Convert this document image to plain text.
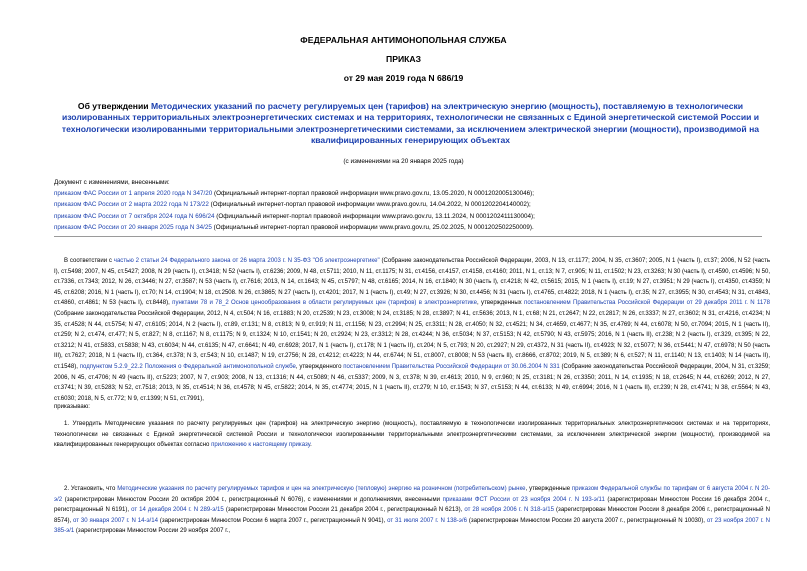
ФЕДЕРАЛЬНАЯ АНТИМОНОПОЛЬНАЯ СЛУЖБА
ПРИКАЗ
от 29 мая 2019 года N 686/19
Об утверждении Методических указаний по расчету регулируемых цен (тарифов) на электрическую энергию (мощность), поставляемую в технологически изолированных территориальных электроэнергетических системах и на территориях, технологически не связанных с Единой энергетической системой России и технологически изолированными территориальными электроэнергетическими системами, за исключением электрической энергии (мощности), производимой на квалифицированных генерирующих объектах
(с изменениями на 20 января 2025 года)
Документ с изменениями, внесенными:
приказом ФАС России от 1 апреля 2020 года N 347/20 (Официальный интернет-портал правовой информации www.pravo.gov.ru, 13.05.2020, N 0001202005130046);
приказом ФАС России от 2 марта 2022 года N 173/22 (Официальный интернет-портал правовой информации www.pravo.gov.ru, 14.04.2022, N 0001202204140002);
приказом ФАС России от 7 октября 2024 года N 696/24 (Официальный интернет-портал правовой информации www.pravo.gov.ru, 13.11.2024, N 0001202411130004);
приказом ФАС России от 20 января 2025 года N 34/25 (Официальный интернет-портал правовой информации www.pravo.gov.ru, 25.02.2025, N 0001202502250009).
В соответствии с частью 2 статьи 24 Федерального закона от 26 марта 2003 г. N 35-ФЗ "Об электроэнергетике" (Собрание законодательства Российской Федерации, 2003, N 13, ст.1177; 2004, N 35, ст.3607; 2005, N 1 (часть I), ст.37; 2006, N 52 (часть I), ст.5498; 2007, N 45, ст.5427; 2008, N 29 (часть I), ст.3418; N 52 (часть I), ст.6236; 2009, N 48, ст.5711; 2010, N 11, ст.1175; N 31, ст.4156, ст.4157, ст.4158, ст.4160; 2011, N 1, ст.13; N 7, ст.905; N 11, ст.1502; N 23, ст.3263; N 30 (часть I), ст.4590, ст.4596; N 50, ст.7336, ст.7343; 2012, N 26, ст.3446; N 27, ст.3587; N 53 (часть I), ст.7616; 2013, N 14, ст.1643; N 45, ст.5797; N 48, ст.6165; 2014, N 16, ст.1840; N 30 (часть I), ст.4218; N 42, ст.5615; 2015, N 1 (часть I), ст.19; N 27, ст.3951; N 29 (часть I), ст.4350, ст.4359; N 45, ст.6208; 2016, N 1 (часть I), ст.70; N 14, ст.1904; N 18, ст.2508. N 26, ст.3865; N 27 (часть I), ст.4201; 2017, N 1 (часть I), ст.49; N 27, ст.3926; N 30, ст.4456; N 31 (часть I), ст.4765, ст.4822; 2018, N 1 (часть I), ст.35; N 27, ст.3955; N 30, ст.4543; N 31, ст.4843, ст.4860, ст.4861; N 53 (часть I), ст.8448), пунктами 78 и 78_2 Основ ценообразования в области регулируемых цен (тарифов) в электроэнергетике, утвержденных постановлением Правительства Российской Федерации от 29 декабря 2011 г. N 1178 (Собрание законодательства Российской Федерации, 2012, N 4, ст.504; N 16, ст.1883; N 20, ст.2539; N 23, ст.3008; N 24, ст.3185; N 28, ст.3897; N 41, ст.5636; 2013, N 1, ст.68; N 21, ст.2647; N 22, ст.2817; N 26, ст.3337; N 27, ст.3602; N 31, ст.4216, ст.4234; N 35, ст.4528; N 44, ст.5754; N 47, ст.6105; 2014, N 2 (часть I), ст.89, ст.131; N 8, ст.813; N 9, ст.919; N 11, ст.1156; N 23, ст.2994; N 25, ст.3311; N 28, ст.4050; N 32, ст.4521; N 34, ст.4659, ст.4677; N 35, ст.4769; N 44, ст.6078; N 50, ст.7094; 2015, N 1 (часть II), ст.259; N 2, ст.474, ст.477; N 5, ст.827; N 8, ст.1167; N 8, ст.1175; N 9, ст.1324; N 10, ст.1541; N 20, ст.2924; N 23, ст.3312; N 28, ст.4244; N 36, ст.5034; N 37, ст.5153; N 42, ст.5790; N 43, ст.5975; 2016, N 1 (часть II), ст.238; N 2 (часть I), ст.329, ст.395; N 22, ст.3212; N 41, ст.5833, ст.5838; N 43, ст.6034; N 44, ст.6135; N 47, ст.6641; N 49, ст.6928; 2017, N 1 (часть I), ст.178; N 1 (часть II), ст.204; N 5, ст.793; N 20, ст.2927; N 29, ст.4372, N 31 (часть II), ст.4923; N 32, ст.5077; N 36, ст.5441; N 47, ст.6978; N 50 (часть III), ст.7627; 2018, N 1 (часть II), ст.364, ст.378; N 3, ст.543; N 10, ст.1487; N 19, ст.2756; N 28, ст.4212; ст.4223; N 44, ст.6744; N 51, ст.8007, ст.8008; N 53 (часть II), ст.8666, ст.8702; 2019, N 5, ст.389; N 6, ст.527; N 11, ст.1140; N 13, ст.1403; N 14 (часть II), ст.1548), подпунктом 5.2.9_22.2 Положения о Федеральной антимонопольной службе, утвержденного постановлением Правительства Российской Федерации от 30.06.2004 N 331 (Собрание законодательства Российской Федерации, 2004, N 31, ст.3259; 2006, N 45, ст.4706; N 49 (часть II), ст.5223; 2007, N 7, ст.903; 2008, N 13, ст.1316; N 44, ст.5089; N 46, ст.5337; 2009, N 3, ст.378; N 39, ст.4613; 2010, N 9, ст.960; N 25, ст.3181; N 26, ст.3350; 2011, N 14, ст.1935; N 18, ст.2645; N 44, ст.6269; 2012, N 27, ст.3741; N 39, ст.5283; N 52, ст.7518; 2013, N 35, ст.4514; N 36, ст.4578; N 45, ст.5822; 2014, N 35, ст.4774; 2015, N 1 (часть II), ст.279; N 10, ст.1543; N 37, ст.5153; N 44, ст.6133; N 49, ст.6994; 2016, N 1 (часть II), ст.239; N 28, ст.4741; N 38, ст.5564; N 43, ст.6030; 2018, N 5, ст.772; N 9, ст.1399; N 51, ст.7991),
приказываю:
1. Утвердить Методические указания по расчету регулируемых цен (тарифов) на электрическую энергию (мощность), поставляемую в технологически изолированных территориальных электроэнергетических системах и на территориях, технологически не связанных с Единой энергетической системой России и технологически изолированными территориальными электроэнергетическими системами, за исключением электрической энергии (мощности), производимой на квалифицированных генерирующих объектах согласно приложению к настоящему приказу.
2. Установить, что Методические указания по расчету регулируемых тарифов и цен на электрическую (тепловую) энергию на розничном (потребительском) рынке, утвержденные приказом Федеральной службы по тарифам от 6 августа 2004 г. N 20-э/2 (зарегистрирован Минюстом России 20 октября 2004 г., регистрационный N 6076), с изменениями и дополнениями, внесенными приказами ФСТ России от 23 ноября 2004 г. N 193-э/11 (зарегистрирован Минюстом России 16 декабря 2004 г., регистрационный N 6191), от 14 декабря 2004 г. N 289-э/15 (зарегистрирован Минюстом России 21 декабря 2004 г., регистрационный N 6213), от 28 ноября 2006 г. N 318-э/15 (зарегистрирован Минюстом России 8 декабря 2006 г., регистрационный N 8574), от 30 января 2007 г. N 14-э/14 (зарегистрирован Минюстом России 6 марта 2007 г., регистрационный N 9041), от 31 июля 2007 г. N 138-э/6 (зарегистрирован Минюстом России 20 августа 2007 г., регистрационный N 10030), от 23 ноября 2007 г. N 385-э/1 (зарегистрирован Минюстом России 29 ноября 2007 г.,
